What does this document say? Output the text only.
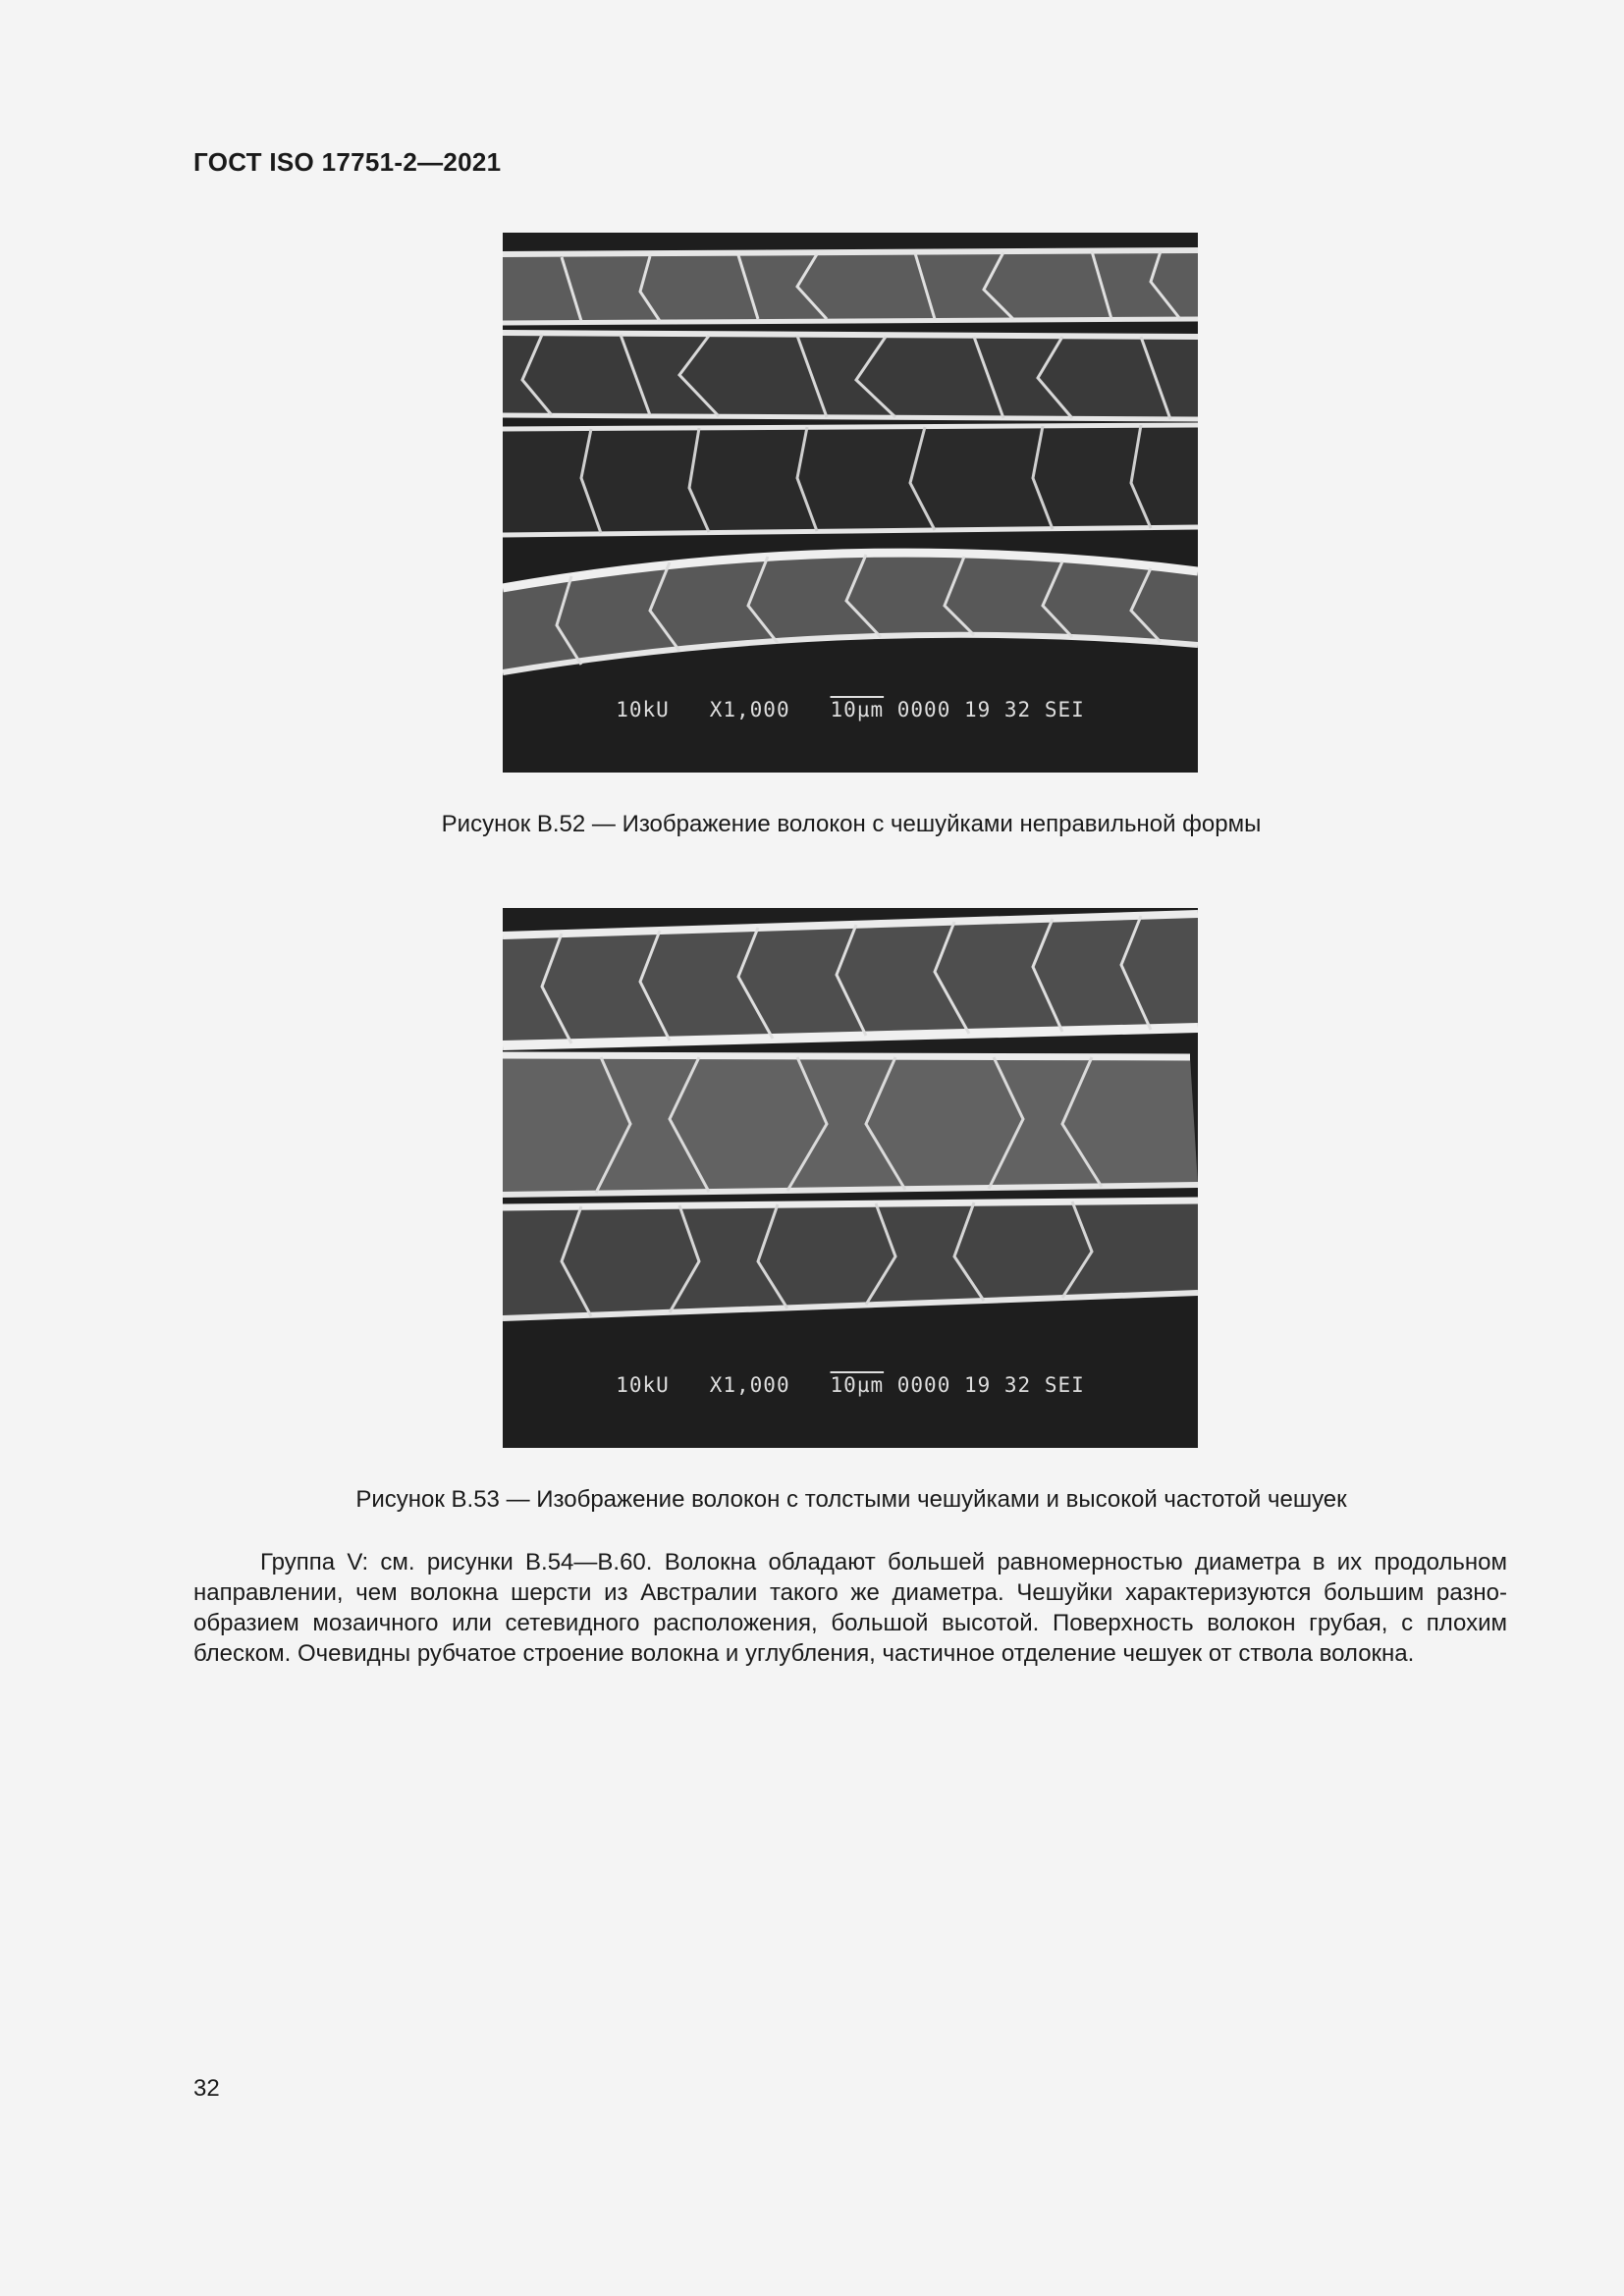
ГОСТ ISO 17751-2—2021
10kU X1,000 10µm 0000 19 32 SEI
Рисунок В.52 — Изображение волокон с чешуйками неправильной формы
10kU X1,000 10µm 0000 19 32 SEI
Рисунок В.53 — Изображение волокон с толстыми чешуйками и высокой частотой чешуек

Группа V: см. рисунки В.54—В.60. Волокна обладают большей равномерностью диаметра в их продольном направлении, чем волокна шерсти из Австралии такого же диаметра. Чешуйки характеризуются большим разнообразием мозаичного или сетевидного расположения, большой высотой. Поверхность волокон грубая, с плохим блеском. Очевидны рубчатое строение волокна и углубления, частичное отделение чешуек от ствола волокна.

32
